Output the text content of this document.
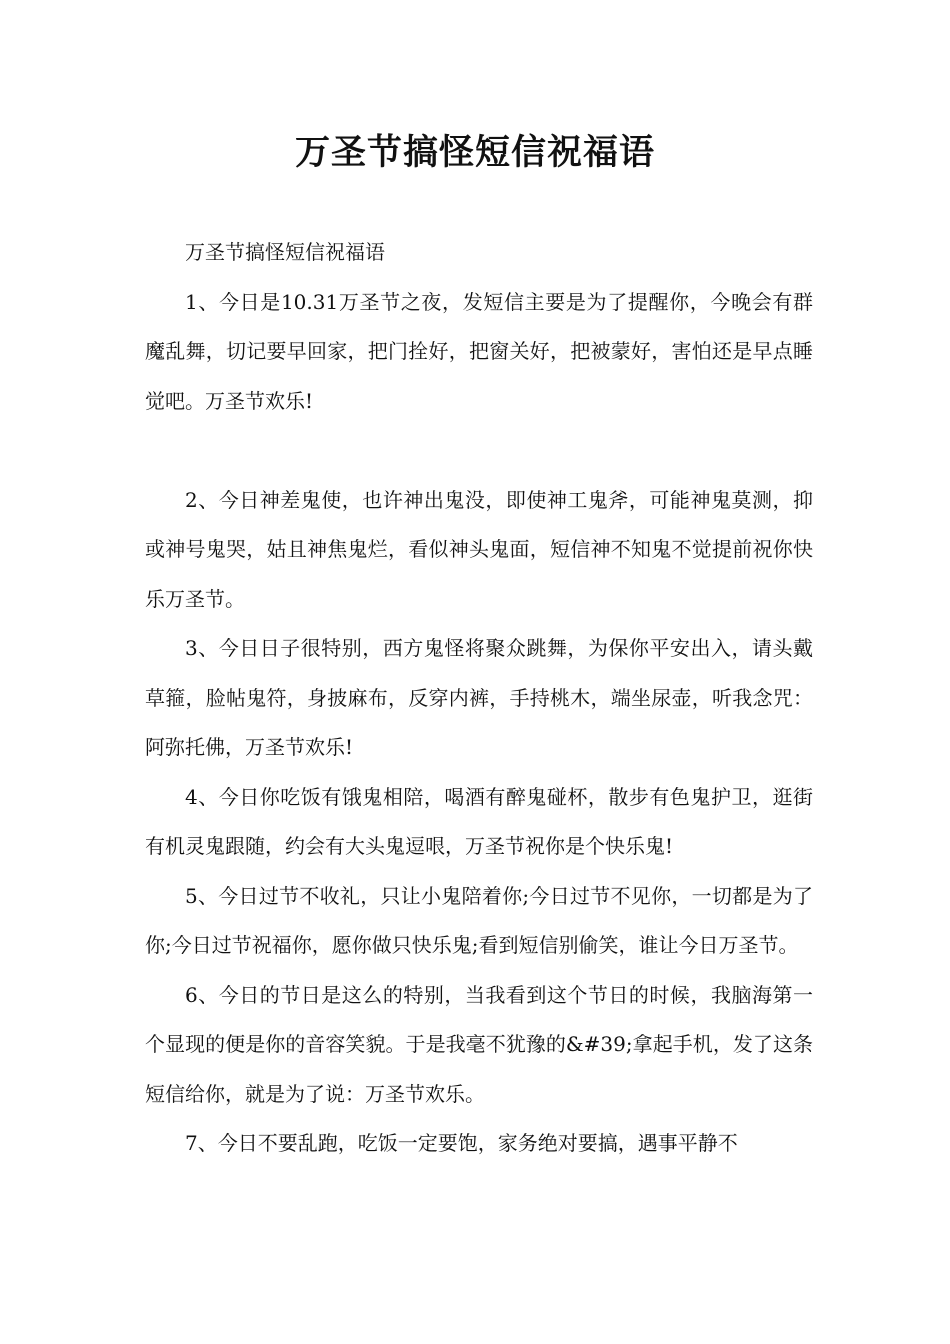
万圣节搞怪短信祝福语

万圣节搞怪短信祝福语

1、今日是10.31万圣节之夜，发短信主要是为了提醒你，今晚会有群魔乱舞，切记要早回家，把门拴好，把窗关好，把被蒙好，害怕还是早点睡觉吧。万圣节欢乐!

2、今日神差鬼使，也许神出鬼没，即使神工鬼斧，可能神鬼莫测，抑或神号鬼哭，姑且神焦鬼烂，看似神头鬼面，短信神不知鬼不觉提前祝你快乐万圣节。

3、今日日子很特别，西方鬼怪将聚众跳舞，为保你平安出入，请头戴草箍，脸帖鬼符，身披麻布，反穿内裤，手持桃木，端坐尿壶，听我念咒：阿弥托佛，万圣节欢乐!

4、今日你吃饭有饿鬼相陪，喝酒有醉鬼碰杯，散步有色鬼护卫，逛街有机灵鬼跟随，约会有大头鬼逗哏，万圣节祝你是个快乐鬼!

5、今日过节不收礼，只让小鬼陪着你;今日过节不见你，一切都是为了你;今日过节祝福你，愿你做只快乐鬼;看到短信别偷笑，谁让今日万圣节。

6、今日的节日是这么的特别，当我看到这个节日的时候，我脑海第一个显现的便是你的音容笑貌。于是我毫不犹豫的&#39;拿起手机，发了这条短信给你，就是为了说：万圣节欢乐。

7、今日不要乱跑，吃饭一定要饱，家务绝对要搞，遇事平静不
